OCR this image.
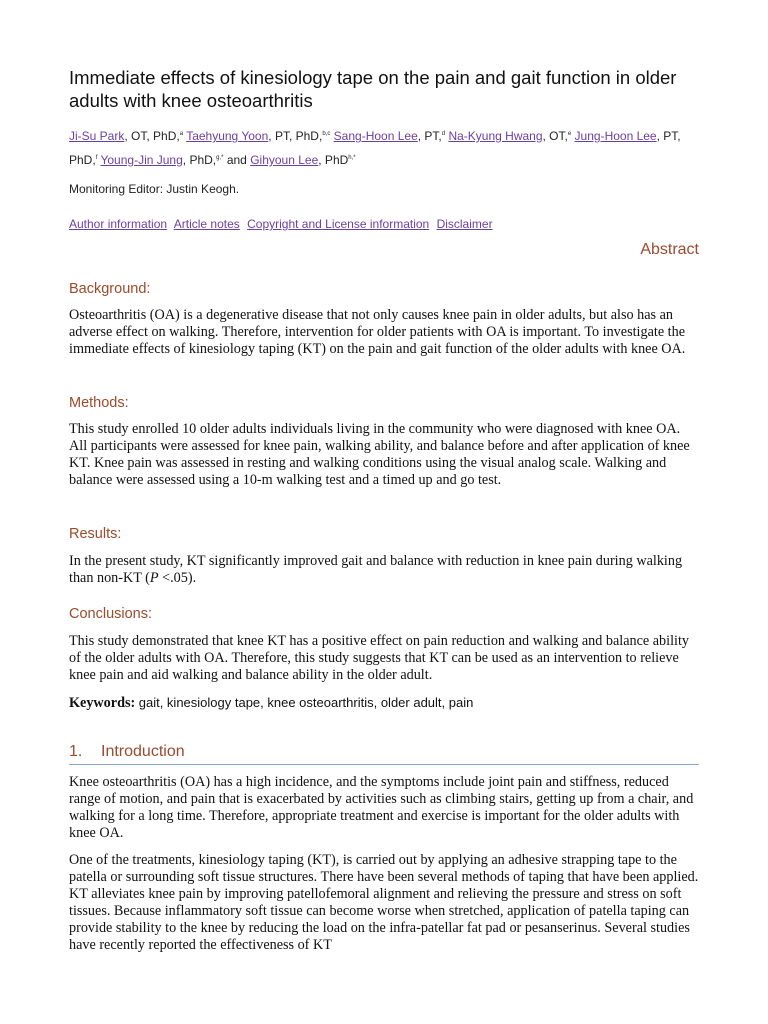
Immediate effects of kinesiology tape on the pain and gait function in older adults with knee osteoarthritis
Ji-Su Park, OT, PhD,$^a$ Taehyung Yoon, PT, PhD,$^{b,c}$ Sang-Hoon Lee, PT,$^d$ Na-Kyung Hwang, OT,$^e$ Jung-Hoon Lee, PT, PhD,$^f$ Young-Jin Jung, PhD,$^{g,*}$ and Gihyoun Lee, PhD$^{h,*}$
Monitoring Editor: Justin Keogh.
Author information Article notes Copyright and License information Disclaimer
Abstract
Background:
Osteoarthritis (OA) is a degenerative disease that not only causes knee pain in older adults, but also has an adverse effect on walking. Therefore, intervention for older patients with OA is important. To investigate the immediate effects of kinesiology taping (KT) on the pain and gait function of the older adults with knee OA.
Methods:
This study enrolled 10 older adults individuals living in the community who were diagnosed with knee OA. All participants were assessed for knee pain, walking ability, and balance before and after application of knee KT. Knee pain was assessed in resting and walking conditions using the visual analog scale. Walking and balance were assessed using a 10-m walking test and a timed up and go test.
Results:
In the present study, KT significantly improved gait and balance with reduction in knee pain during walking than non-KT (P <.05).
Conclusions:
This study demonstrated that knee KT has a positive effect on pain reduction and walking and balance ability of the older adults with OA. Therefore, this study suggests that KT can be used as an intervention to relieve knee pain and aid walking and balance ability in the older adult.
Keywords: gait, kinesiology tape, knee osteoarthritis, older adult, pain
1. Introduction
Knee osteoarthritis (OA) has a high incidence, and the symptoms include joint pain and stiffness, reduced range of motion, and pain that is exacerbated by activities such as climbing stairs, getting up from a chair, and walking for a long time. Therefore, appropriate treatment and exercise is important for the older adults with knee OA.
One of the treatments, kinesiology taping (KT), is carried out by applying an adhesive strapping tape to the patella or surrounding soft tissue structures. There have been several methods of taping that have been applied. KT alleviates knee pain by improving patellofemoral alignment and relieving the pressure and stress on soft tissues. Because inflammatory soft tissue can become worse when stretched, application of patella taping can provide stability to the knee by reducing the load on the infra-patellar fat pad or pesanserinus. Several studies have recently reported the effectiveness of KT
